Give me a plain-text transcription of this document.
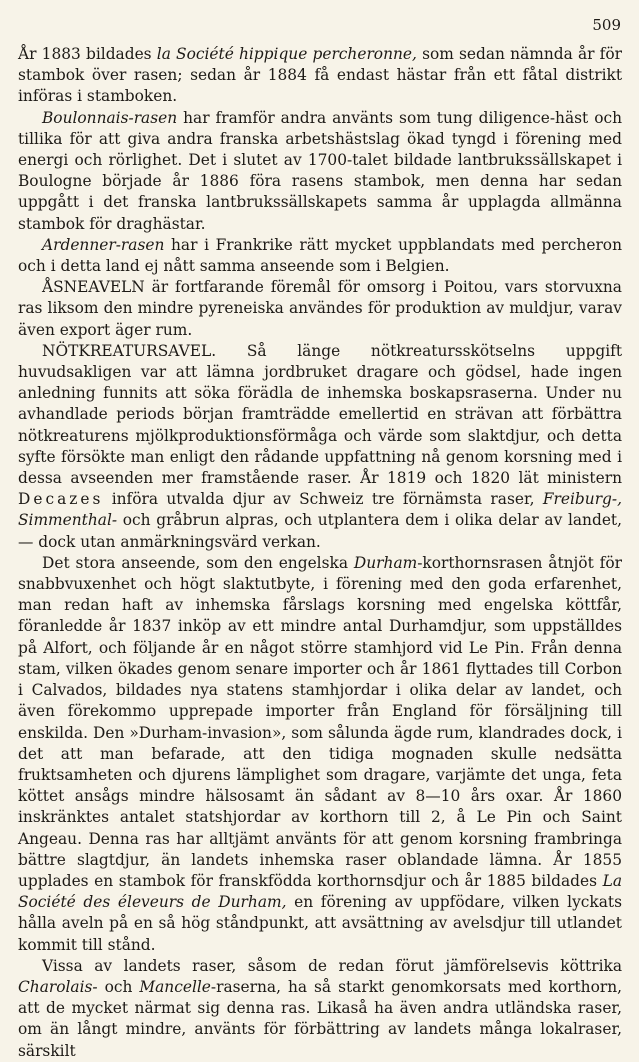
509

År 1883 bildades la Société hippique percheronne, som sedan nämnda år för stambok över rasen; sedan år 1884 få endast hästar från ett fåtal distrikt införas i stamboken.

Boulonnais-rasen har framför andra använts som tung diligence-häst och tillika för att giva andra franska arbetshästslag ökad tyngd i förening med energi och rörlighet. Det i slutet av 1700-talet bildade lantbrukssällskapet i Boulogne började år 1886 föra rasens stambok, men denna har sedan uppgått i det franska lantbrukssällskapets samma år upplagda allmänna stambok för draghästar.

Ardenner-rasen har i Frankrike rätt mycket uppblandats med percheron och i detta land ej nått samma anseende som i Belgien.

ÅSNEAVELN är fortfarande föremål för omsorg i Poitou, vars storvuxna ras liksom den mindre pyreneiska användes för produktion av muldjur, varav även export äger rum.

NÖTKREATURSAVEL. Så länge nötkreatursskötselns uppgift huvudsakligen var att lämna jordbruket dragare och gödsel, hade ingen anledning funnits att söka förädla de inhemska boskapsraserna. Under nu avhandlade periods början framträdde emellertid en strävan att förbättra nötkreaturens mjölkproduktionsförmåga och värde som slaktdjur, och detta syfte försökte man enligt den rådande uppfattning nå genom korsning med i dessa avseenden mer framstående raser. År 1819 och 1820 lät ministern Decazes införa utvalda djur av Schweiz tre förnämsta raser, Freiburg-, Simmenthal- och gråbrun alpras, och utplantera dem i olika delar av landet, — dock utan anmärkningsvärd verkan.

Det stora anseende, som den engelska Durham-korthornsrasen åtnjöt för snabbvuxenhet och högt slaktutbyte, i förening med den goda erfarenhet, man redan haft av inhemska fårslags korsning med engelska köttfår, föranledde år 1837 inköp av ett mindre antal Durhamdjur, som uppställdes på Alfort, och följande år en något större stamhjord vid Le Pin. Från denna stam, vilken ökades genom senare importer och år 1861 flyttades till Corbon i Calvados, bildades nya statens stamhjordar i olika delar av landet, och även förekommo upprepade importer från England för försäljning till enskilda. Den »Durham-invasion», som sålunda ägde rum, klandrades dock, i det att man befarade, att den tidiga mognaden skulle nedsätta fruktsamheten och djurens lämplighet som dragare, varjämte det unga, feta köttet ansågs mindre hälsosamt än sådant av 8—10 års oxar. År 1860 inskränktes antalet statshjordar av korthorn till 2, å Le Pin och Saint Angeau. Denna ras har alltjämt använts för att genom korsning frambringa bättre slagtdjur, än landets inhemska raser oblandade lämna. År 1855 upplades en stambok för franskfödda korthornsdjur och år 1885 bildades La Société des éleveurs de Durham, en förening av uppfödare, vilken lyckats hålla aveln på en så hög ståndpunkt, att avsättning av avelsdjur till utlandet kommit till stånd.

Vissa av landets raser, såsom de redan förut jämförelsevis köttrika Charolais- och Mancelle-raserna, ha så starkt genomkorsats med korthorn, att de mycket närmat sig denna ras. Likaså ha även andra utländska raser, om än långt mindre, använts för förbättring av landets många lokalraser, särskilt
